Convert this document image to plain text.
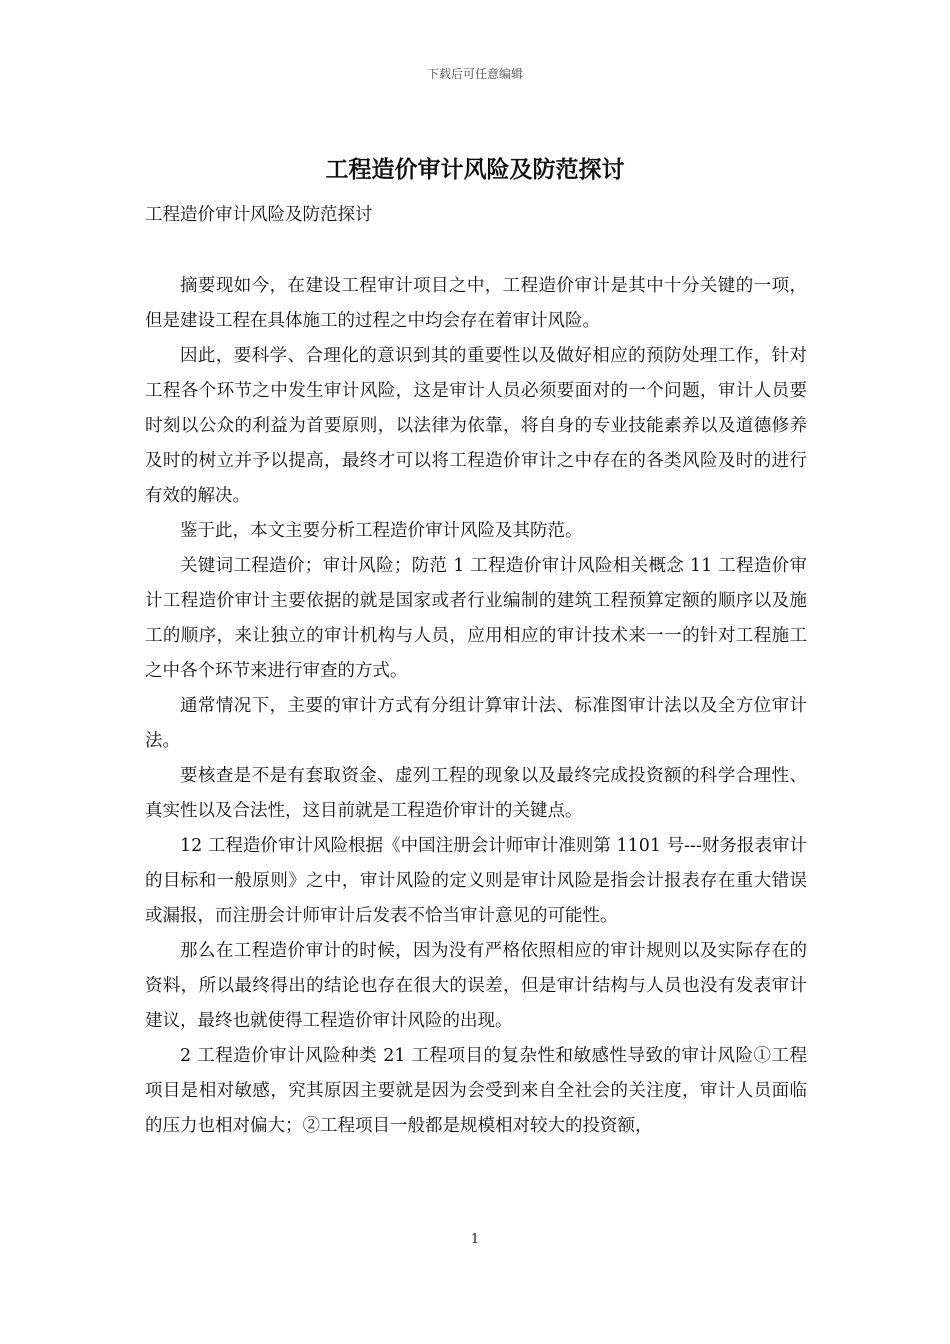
下载后可任意编辑
工程造价审计风险及防范探讨

工程造价审计风险及防范探讨

摘要现如今，在建设工程审计项目之中，工程造价审计是其中十分关键的一项，但是建设工程在具体施工的过程之中均会存在着审计风险。

因此，要科学、合理化的意识到其的重要性以及做好相应的预防处理工作，针对工程各个环节之中发生审计风险，这是审计人员必须要面对的一个问题，审计人员要时刻以公众的利益为首要原则，以法律为依靠，将自身的专业技能素养以及道德修养及时的树立并予以提高，最终才可以将工程造价审计之中存在的各类风险及时的进行有效的解决。

鉴于此，本文主要分析工程造价审计风险及其防范。

关键词工程造价；审计风险；防范 1 工程造价审计风险相关概念 11 工程造价审计工程造价审计主要依据的就是国家或者行业编制的建筑工程预算定额的顺序以及施工的顺序，来让独立的审计机构与人员，应用相应的审计技术来一一的针对工程施工之中各个环节来进行审查的方式。

通常情况下，主要的审计方式有分组计算审计法、标准图审计法以及全方位审计法。

要核查是不是有套取资金、虚列工程的现象以及最终完成投资额的科学合理性、真实性以及合法性，这目前就是工程造价审计的关键点。

12 工程造价审计风险根据《中国注册会计师审计准则第 1101 号---财务报表审计的目标和一般原则》之中，审计风险的定义则是审计风险是指会计报表存在重大错误或漏报，而注册会计师审计后发表不恰当审计意见的可能性。

那么在工程造价审计的时候，因为没有严格依照相应的审计规则以及实际存在的资料，所以最终得出的结论也存在很大的误差，但是审计结构与人员也没有发表审计建议，最终也就使得工程造价审计风险的出现。

2 工程造价审计风险种类 21 工程项目的复杂性和敏感性导致的审计风险①工程项目是相对敏感，究其原因主要就是因为会受到来自全社会的关注度，审计人员面临的压力也相对偏大；②工程项目一般都是规模相对较大的投资额，

1
